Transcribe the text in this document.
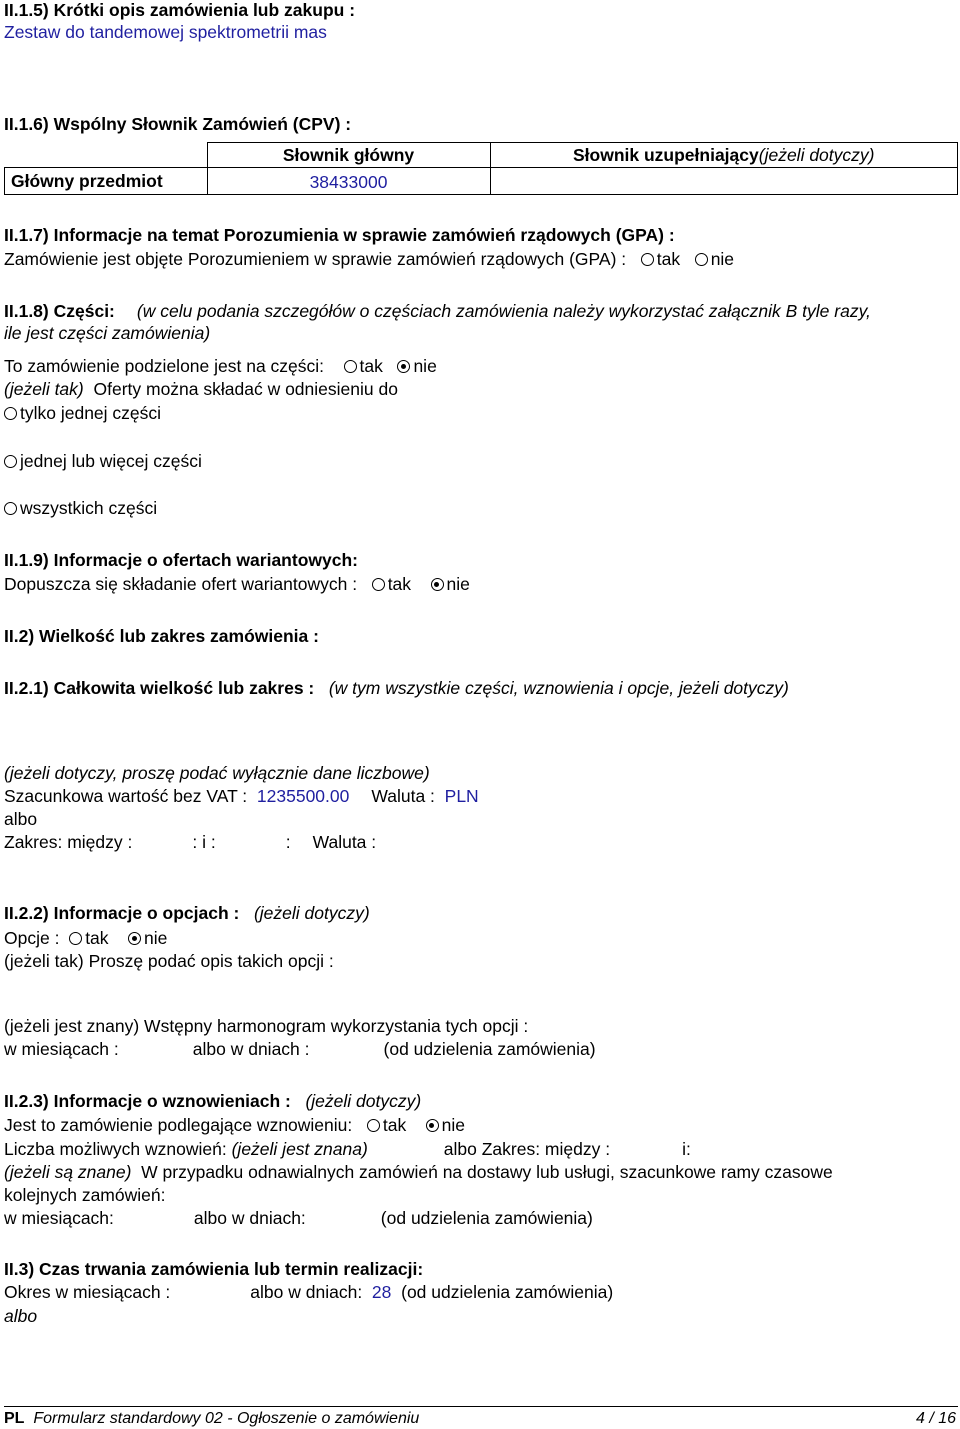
II.1.5) Krótki opis zamówienia lub zakupu :
Zestaw do tandemowej spektrometrii mas
II.1.6) Wspólny Słownik Zamówień (CPV) :
	Słownik główny	Słownik uzupełniający(jeżeli dotyczy)
Główny przedmiot	38433000	
II.1.7) Informacje na temat Porozumienia w sprawie zamówień rządowych (GPA) :
Zamówienie jest objęte Porozumieniem w sprawie zamówień rządowych (GPA) : tak nie
II.1.8) Części: (w celu podania szczegółów o częściach zamówienia należy wykorzystać załącznik B tyle razy,
ile jest części zamówienia)
To zamówienie podzielone jest na części: tak nie
(jeżeli tak) Oferty można składać w odniesieniu do
tylko jednej części
jednej lub więcej części
wszystkich części
II.1.9) Informacje o ofertach wariantowych:
Dopuszcza się składanie ofert wariantowych : tak nie
II.2) Wielkość lub zakres zamówienia :
II.2.1) Całkowita wielkość lub zakres : (w tym wszystkie części, wznowienia i opcje, jeżeli dotyczy)
(jeżeli dotyczy, proszę podać wyłącznie dane liczbowe)
Szacunkowa wartość bez VAT : 1235500.00 Waluta : PLN
albo
Zakres: między :	: i :	: Waluta :
II.2.2) Informacje o opcjach : (jeżeli dotyczy)
Opcje : tak nie
(jeżeli tak) Proszę podać opis takich opcji :
(jeżeli jest znany) Wstępny harmonogram wykorzystania tych opcji :
w miesiącach :	albo w dniach :	(od udzielenia zamówienia)
II.2.3) Informacje o wznowieniach : (jeżeli dotyczy)
Jest to zamówienie podlegające wznowieniu: tak nie
Liczba możliwych wznowień: (jeżeli jest znana)	albo Zakres: między :	i:
(jeżeli są znane) W przypadku odnawialnych zamówień na dostawy lub usługi, szacunkowe ramy czasowe
kolejnych zamówień:
w miesiącach:	albo w dniach:	(od udzielenia zamówienia)
II.3) Czas trwania zamówienia lub termin realizacji:
Okres w miesiącach :	albo w dniach: 28 (od udzielenia zamówienia)
albo
PL Formularz standardowy 02 - Ogłoszenie o zamówieniu	4 / 16
